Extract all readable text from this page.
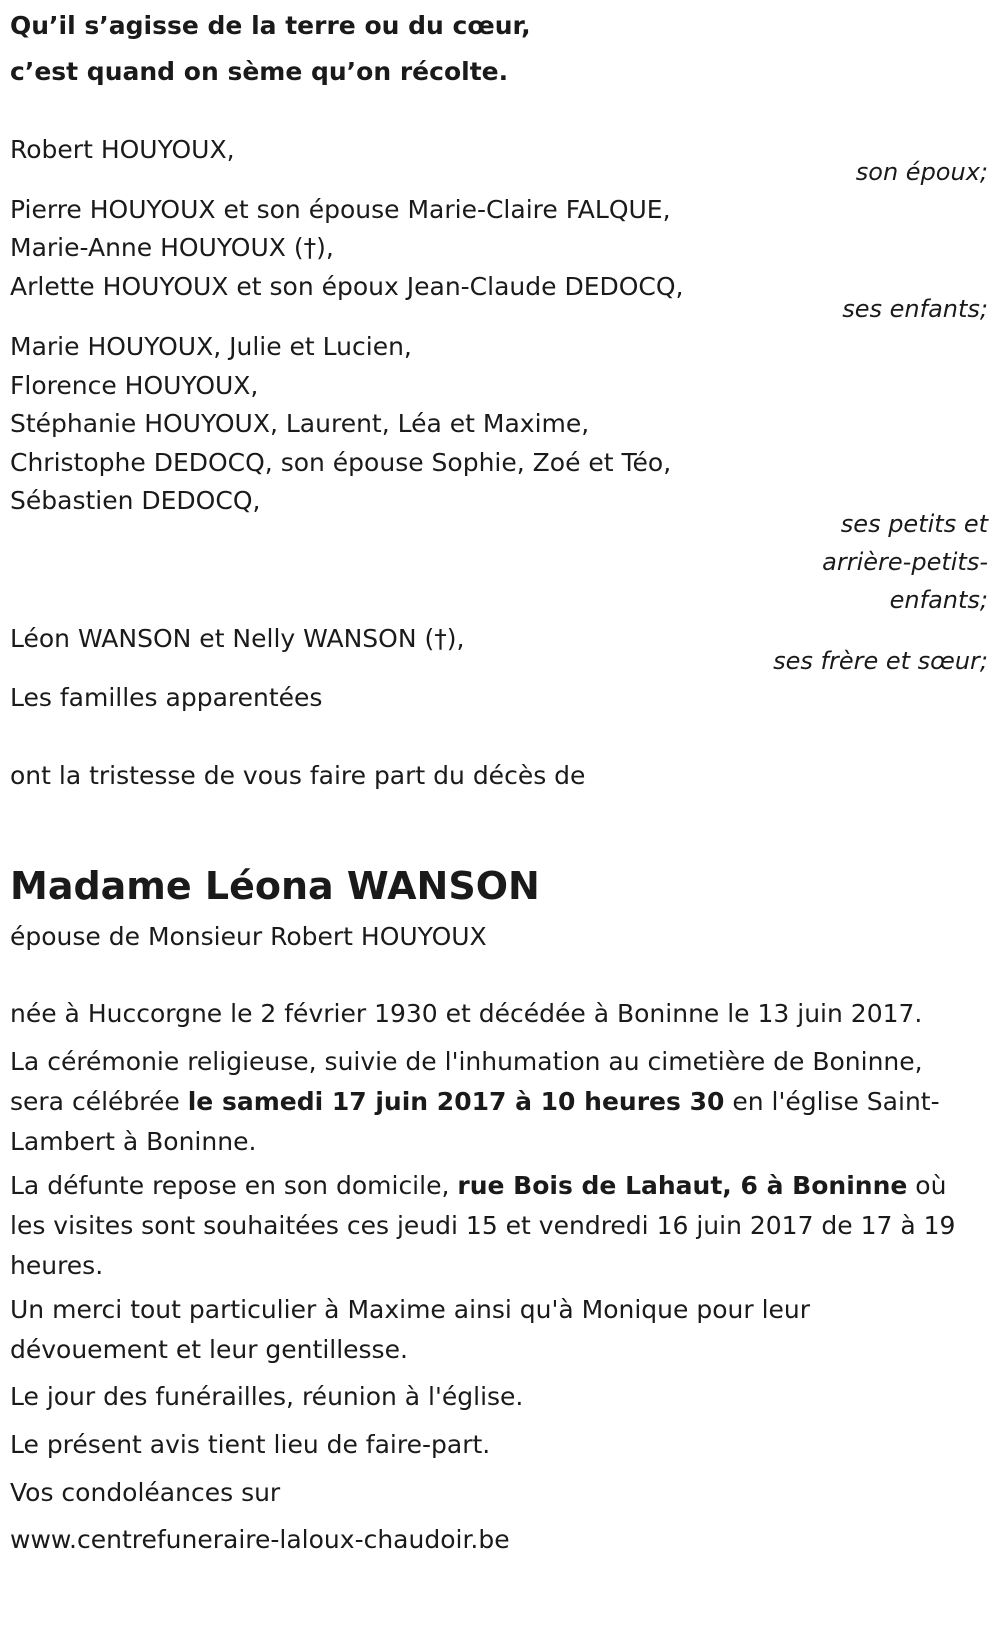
Qu’il s’agisse de la terre ou du cœur,
c’est quand on sème qu’on récolte.
Robert HOUYOUX,
son époux;
Pierre HOUYOUX et son épouse Marie-Claire FALQUE,
Marie-Anne HOUYOUX (†),
Arlette HOUYOUX et son époux Jean-Claude DEDOCQ,
ses enfants;
Marie HOUYOUX, Julie et Lucien,
Florence HOUYOUX,
Stéphanie HOUYOUX, Laurent, Léa et Maxime,
Christophe DEDOCQ, son épouse Sophie, Zoé et Téo,
Sébastien DEDOCQ,
ses petits et
arrière-petits-
enfants;
Léon WANSON et Nelly WANSON (†),
ses frère et sœur;
Les familles apparentées
ont la tristesse de vous faire part du décès de
Madame Léona WANSON
épouse de Monsieur Robert HOUYOUX
née à Huccorgne le 2 février 1930 et décédée à Boninne le 13 juin 2017.
La cérémonie religieuse, suivie de l'inhumation au cimetière de Boninne, sera célébrée le samedi 17 juin 2017 à 10 heures 30 en l'église Saint-Lambert à Boninne.
La défunte repose en son domicile, rue Bois de Lahaut, 6 à Boninne où les visites sont souhaitées ces jeudi 15 et vendredi 16 juin 2017 de 17 à 19 heures.
Un merci tout particulier à Maxime ainsi qu'à Monique pour leur dévouement et leur gentillesse.
Le jour des funérailles, réunion à l'église.
Le présent avis tient lieu de faire-part.
Vos condoléances sur
www.centrefuneraire-laloux-chaudoir.be
